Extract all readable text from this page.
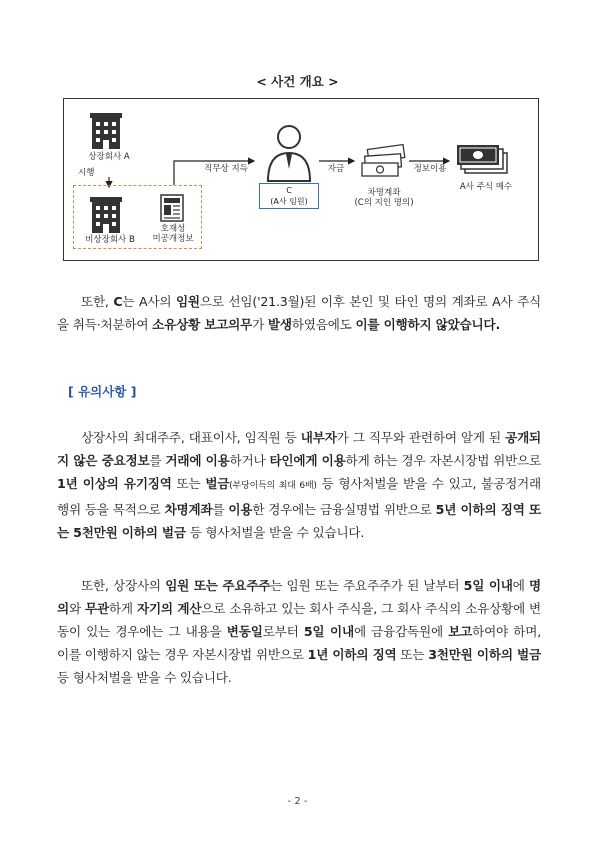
< 사건 개요 >
상장회사 A
시행
비상장회사 B
호재성
미공개정보
직무상 지득
C
(A사 임원)
자금
차명계좌
(C의 지인 명의)
정보이용
A사 주식 매수
또한, C는 A사의 임원으로 선임('21.3월)된 이후 본인 및 타인 명의 계좌로 A사 주식을 취득·처분하여 소유상황 보고의무가 발생하였음에도 이를 이행하지 않았습니다.
[ 유의사항 ]
상장사의 최대주주, 대표이사, 임직원 등 내부자가 그 직무와 관련하여 알게 된 공개되지 않은 중요정보를 거래에 이용하거나 타인에게 이용하게 하는 경우 자본시장법 위반으로 1년 이상의 유기징역 또는 벌금(부당이득의 최대 6배) 등 형사처벌을 받을 수 있고, 불공정거래 행위 등을 목적으로 차명계좌를 이용한 경우에는 금융실명법 위반으로 5년 이하의 징역 또는 5천만원 이하의 벌금 등 형사처벌을 받을 수 있습니다.
또한, 상장사의 임원 또는 주요주주는 임원 또는 주요주주가 된 날부터 5일 이내에 명의와 무관하게 자기의 계산으로 소유하고 있는 회사 주식을, 그 회사 주식의 소유상황에 변동이 있는 경우에는 그 내용을 변동일로부터 5일 이내에 금융감독원에 보고하여야 하며, 이를 이행하지 않는 경우 자본시장법 위반으로 1년 이하의 징역 또는 3천만원 이하의 벌금 등 형사처벌을 받을 수 있습니다.
- 2 -
